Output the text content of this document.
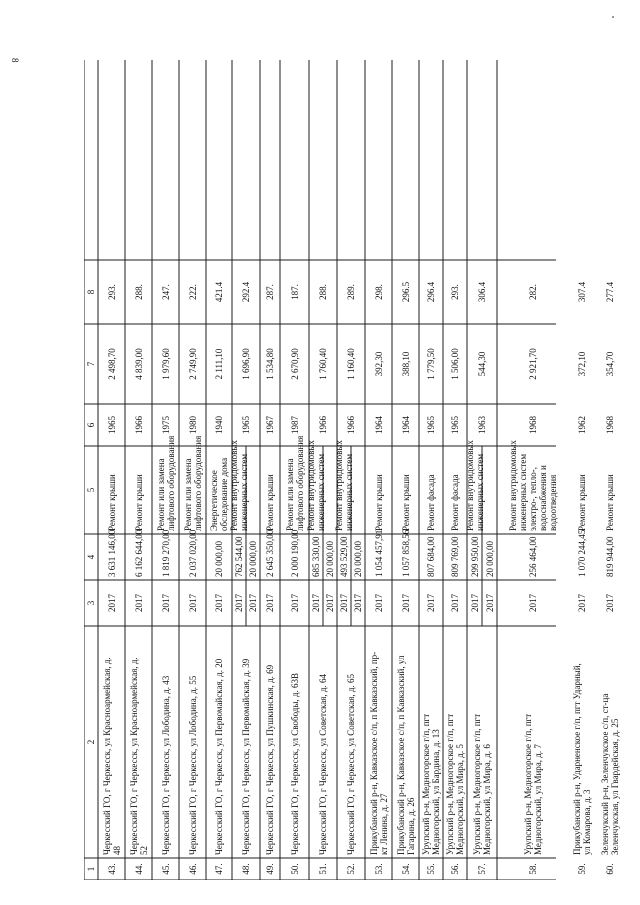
8
1
2
3
4
5
6
7
8
43.
Черкесский ГО, г Черкесск, ул Красноармейская, д. 48
1965
2 498,70
293.
2017
3 631 146,00
Ремонт крыши
44.
Черкесский ГО, г Черкесск, ул Красноармейская, д. 52
1966
4 839,00
288.
2017
6 162 644,00
Ремонт крыши
45.
Черкесский ГО, г Черкесск, ул Лободина, д. 43
1975
1 979,60
247.
2017
1 819 270,00
Ремонт или замена лифтового оборудования
46.
Черкесский ГО, г Черкесск, ул Лободина, д. 55
1980
2 749,90
222.
2017
2 037 020,00
Ремонт или замена лифтового оборудования
47.
Черкесский ГО, г Черкесск, ул Первомайская, д. 20
1940
2 111,10
421.4
2017
20 000,00
Энергетическое обследование дома
48.
Черкесский ГО, г Черкесск, ул Первомайская, д. 39
1965
1 696,90
292.4
2017
762 544,00
Ремонт внутридомовых инженерных систем
2017
20 000,00
49.
Черкесский ГО, г Черкесск, ул Пушкинская, д. 69
1967
1 534,80
287.
2017
2 645 350,00
Ремонт крыши
50.
Черкесский ГО, г Черкесск, ул Свободы, д. 63В
1987
2 670,90
187.
2017
2 000 190,00
Ремонт или замена лифтового оборудования
51.
Черкесский ГО, г Черкесск, ул Советская, д. 64
1966
1 760,40
288.
2017
685 330,00
Ремонт внутридомовых инженерных систем
2017
20 000,00
52.
Черкесский ГО, г Черкесск, ул Советская, д. 65
1966
1 160,40
289.
2017
493 529,00
Ремонт внутридомовых инженерных систем
2017
20 000,00
53.
Прикубанский р-н, Кавказское с/п, п Кавказский, пр- кт Ленина, д. 27
1964
392,30
298.
2017
1 054 457,91
Ремонт крыши
54.
Прикубанский р-н, Кавказское с/п, п Кавказский, ул Гагарина, д. 26
1964
388,10
296.5
2017
1 057 858,56
Ремонт крыши
55.
Урупский р-н, Медногорское г/п, пгт Медногорский, ул Бардина, д. 13
1965
1 779,50
296.4
2017
807 684,00
Ремонт фасада
56.
Урупский р-н, Медногорское г/п, пгт Медногорский, ул Мира, д. 5
1965
1 506,00
293.
2017
809 769,00
Ремонт фасада
57.
Урупский р-н, Медногорское г/п, пгт Медногорский, ул Мира, д. 6
1963
544,30
306.4
2017
299 950,00
Ремонт внутридомовых инженерных систем
2017
20 000,00
58.
Урупский р-н, Медногорское г/п, пгт Медногорский, ул Мира, д. 7
1968
2 921,70
282.
2017
256 464,00
Ремонт внутридомовых инженерных систем электро-, тепло-, водоснабжения и водоотведения
59.
Прикубанский р-н, Ударненское г/п, пгт Ударный, ул Комарова, д. 3
1962
372,10
307.4
2017
1 070 244,45
Ремонт крыши
60.
Зеленчукский р-н, Зеленчукское с/п, ст-ца Зеленчукская, ул Гвардейская, д. 25
1968
354,70
277.4
2017
819 944,00
Ремонт крыши
